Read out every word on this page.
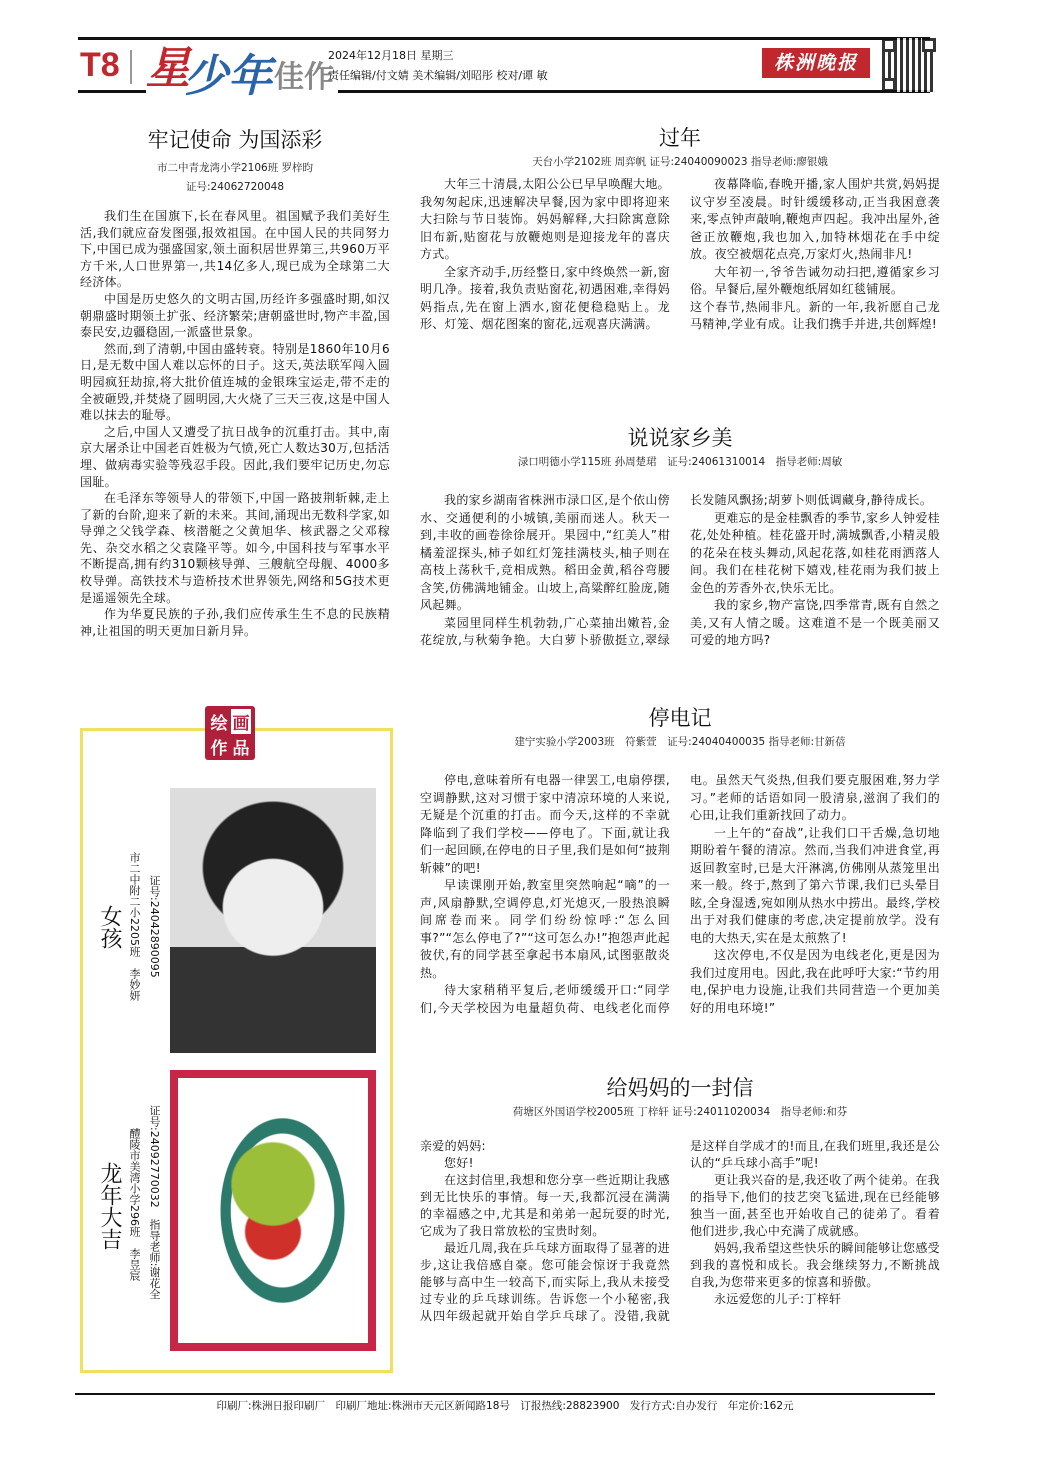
T8 星
少年 佳作
2024年12月18日 星期三
责任编辑/付文婧 美术编辑/刘昭彤 校对/谭 敏
株洲晚报
牢记使命 为国添彩
市二中青龙湾小学2106班 罗梓昀
证号:24062720048

我们生在国旗下,长在春风里。祖国赋予我们美好生活,我们就应奋发图强,报效祖国。在中国人民的共同努力下,中国已成为强盛国家,领土面积居世界第三,共960万平方千米,人口世界第一,共14亿多人,现已成为全球第二大经济体。

中国是历史悠久的文明古国,历经许多强盛时期,如汉朝鼎盛时期领土扩张、经济繁荣;唐朝盛世时,物产丰盈,国泰民安,边疆稳固,一派盛世景象。

然而,到了清朝,中国由盛转衰。特别是1860年10月6日,是无数中国人难以忘怀的日子。这天,英法联军闯入圆明园疯狂劫掠,将大批价值连城的金银珠宝运走,带不走的全被砸毁,并焚烧了圆明园,大火烧了三天三夜,这是中国人难以抹去的耻辱。

之后,中国人又遭受了抗日战争的沉重打击。其中,南京大屠杀让中国老百姓极为气愤,死亡人数达30万,包括活埋、做病毒实验等残忍手段。因此,我们要牢记历史,勿忘国耻。

在毛泽东等领导人的带领下,中国一路披荆斩棘,走上了新的台阶,迎来了新的未来。其间,涌现出无数科学家,如导弹之父钱学森、核潜艇之父黄旭华、核武器之父邓稼先、杂交水稻之父袁隆平等。如今,中国科技与军事水平不断提高,拥有约310颗核导弹、三艘航空母舰、4000多枚导弹。高铁技术与造桥技术世界领先,网络和5G技术更是遥遥领先全球。

作为华夏民族的子孙,我们应传承生生不息的民族精神,让祖国的明天更加日新月异。

过年
天台小学2102班 周弈帆 证号:24040090023 指导老师:廖银娥

大年三十清晨,太阳公公已早早唤醒大地。我匆匆起床,迅速解决早餐,因为家中即将迎来大扫除与节日装饰。妈妈解释,大扫除寓意除旧布新,贴窗花与放鞭炮则是迎接龙年的喜庆方式。

全家齐动手,历经整日,家中终焕然一新,窗明几净。接着,我负责贴窗花,初遇困难,幸得妈妈指点,先在窗上洒水,窗花便稳稳贴上。龙形、灯笼、烟花图案的窗花,远观喜庆满满。

夜幕降临,春晚开播,家人围炉共赏,妈妈提议守岁至凌晨。时针缓缓移动,正当我困意袭来,零点钟声敲响,鞭炮声四起。我冲出屋外,爸爸正放鞭炮,我也加入,加特林烟花在手中绽放。夜空被烟花点亮,万家灯火,热闹非凡!

大年初一,爷爷告诫勿动扫把,遵循家乡习俗。早餐后,屋外鞭炮纸屑如红毯铺展。

这个春节,热闹非凡。新的一年,我祈愿自己龙马精神,学业有成。让我们携手并进,共创辉煌!

说说家乡美
渌口明德小学115班 孙周楚珺　证号:24061310014　指导老师:周敏

我的家乡湖南省株洲市渌口区,是个依山傍水、交通便利的小城镇,美丽而迷人。秋天一到,丰收的画卷徐徐展开。果园中,“红美人”柑橘羞涩探头,柿子如红灯笼挂满枝头,柚子则在高枝上荡秋千,竞相成熟。稻田金黄,稻谷弯腰含笑,仿佛满地铺金。山坡上,高粱醉红脸庞,随风起舞。

菜园里同样生机勃勃,广心菜抽出嫩苔,金花绽放,与秋菊争艳。大白萝卜骄傲挺立,翠绿长发随风飘扬;胡萝卜则低调藏身,静待成长。

更难忘的是金桂飘香的季节,家乡人钟爱桂花,处处种植。桂花盛开时,满城飘香,小精灵般的花朵在枝头舞动,风起花落,如桂花雨洒落人间。我们在桂花树下嬉戏,桂花雨为我们披上金色的芳香外衣,快乐无比。

我的家乡,物产富饶,四季常青,既有自然之美,又有人情之暖。这难道不是一个既美丽又可爱的地方吗?

停电记
建宁实验小学2003班　符紫萱　证号:24040400035 指导老师:甘新蓓

停电,意味着所有电器一律罢工,电扇停摆,空调静默,这对习惯于家中清凉环境的人来说,无疑是个沉重的打击。而今天,这样的不幸就降临到了我们学校——停电了。下面,就让我们一起回顾,在停电的日子里,我们是如何“披荆斩棘”的吧!

早读课刚开始,教室里突然响起“嘀”的一声,风扇静默,空调停息,灯光熄灭,一股热浪瞬间席卷而来。同学们纷纷惊呼:“怎么回事?”“怎么停电了?”“这可怎么办!”抱怨声此起彼伏,有的同学甚至拿起书本扇风,试图驱散炎热。

待大家稍稍平复后,老师缓缓开口:“同学们,今天学校因为电量超负荷、电线老化而停电。虽然天气炎热,但我们要克服困难,努力学习。”老师的话语如同一股清泉,滋润了我们的心田,让我们重新找回了动力。

一上午的“奋战”,让我们口干舌燥,急切地期盼着午餐的清凉。然而,当我们冲进食堂,再返回教室时,已是大汗淋漓,仿佛刚从蒸笼里出来一般。终于,熬到了第六节课,我们已头晕目眩,全身湿透,宛如刚从热水中捞出。最终,学校出于对我们健康的考虑,决定提前放学。没有电的大热天,实在是太煎熬了!

这次停电,不仅是因为电线老化,更是因为我们过度用电。因此,我在此呼吁大家:“节约用电,保护电力设施,让我们共同营造一个更加美好的用电环境!”

给妈妈的一封信
荷塘区外国语学校2005班 丁梓轩 证号:24011020034　指导老师:和芬

亲爱的妈妈:

您好!

在这封信里,我想和您分享一些近期让我感到无比快乐的事情。每一天,我都沉浸在满满的幸福感之中,尤其是和弟弟一起玩耍的时光,它成为了我日常放松的宝贵时刻。

最近几周,我在乒乓球方面取得了显著的进步,这让我倍感自豪。您可能会惊讶于我竟然能够与高中生一较高下,而实际上,我从未接受过专业的乒乓球训练。告诉您一个小秘密,我从四年级起就开始自学乒乓球了。没错,我就是这样自学成才的!而且,在我们班里,我还是公认的“乒乓球小高手”呢!

更让我兴奋的是,我还收了两个徒弟。在我的指导下,他们的技艺突飞猛进,现在已经能够独当一面,甚至也开始收自己的徒弟了。看着他们进步,我心中充满了成就感。

妈妈,我希望这些快乐的瞬间能够让您感受到我的喜悦和成长。我会继续努力,不断挑战自我,为您带来更多的惊喜和骄傲。

永远爱您的儿子:丁梓轩

绘 画
作 品
女孩 市二中附二小2205班　李妙妍 证号:24042890095
龙年大吉 醴陵市美湾小学296班　李昱宸 证号:24092770032　指导老师:谢花全
印刷厂:株洲日报印刷厂　印刷厂地址:株洲市天元区新闻路18号　订报热线:28823900　发行方式:自办发行　年定价:162元
